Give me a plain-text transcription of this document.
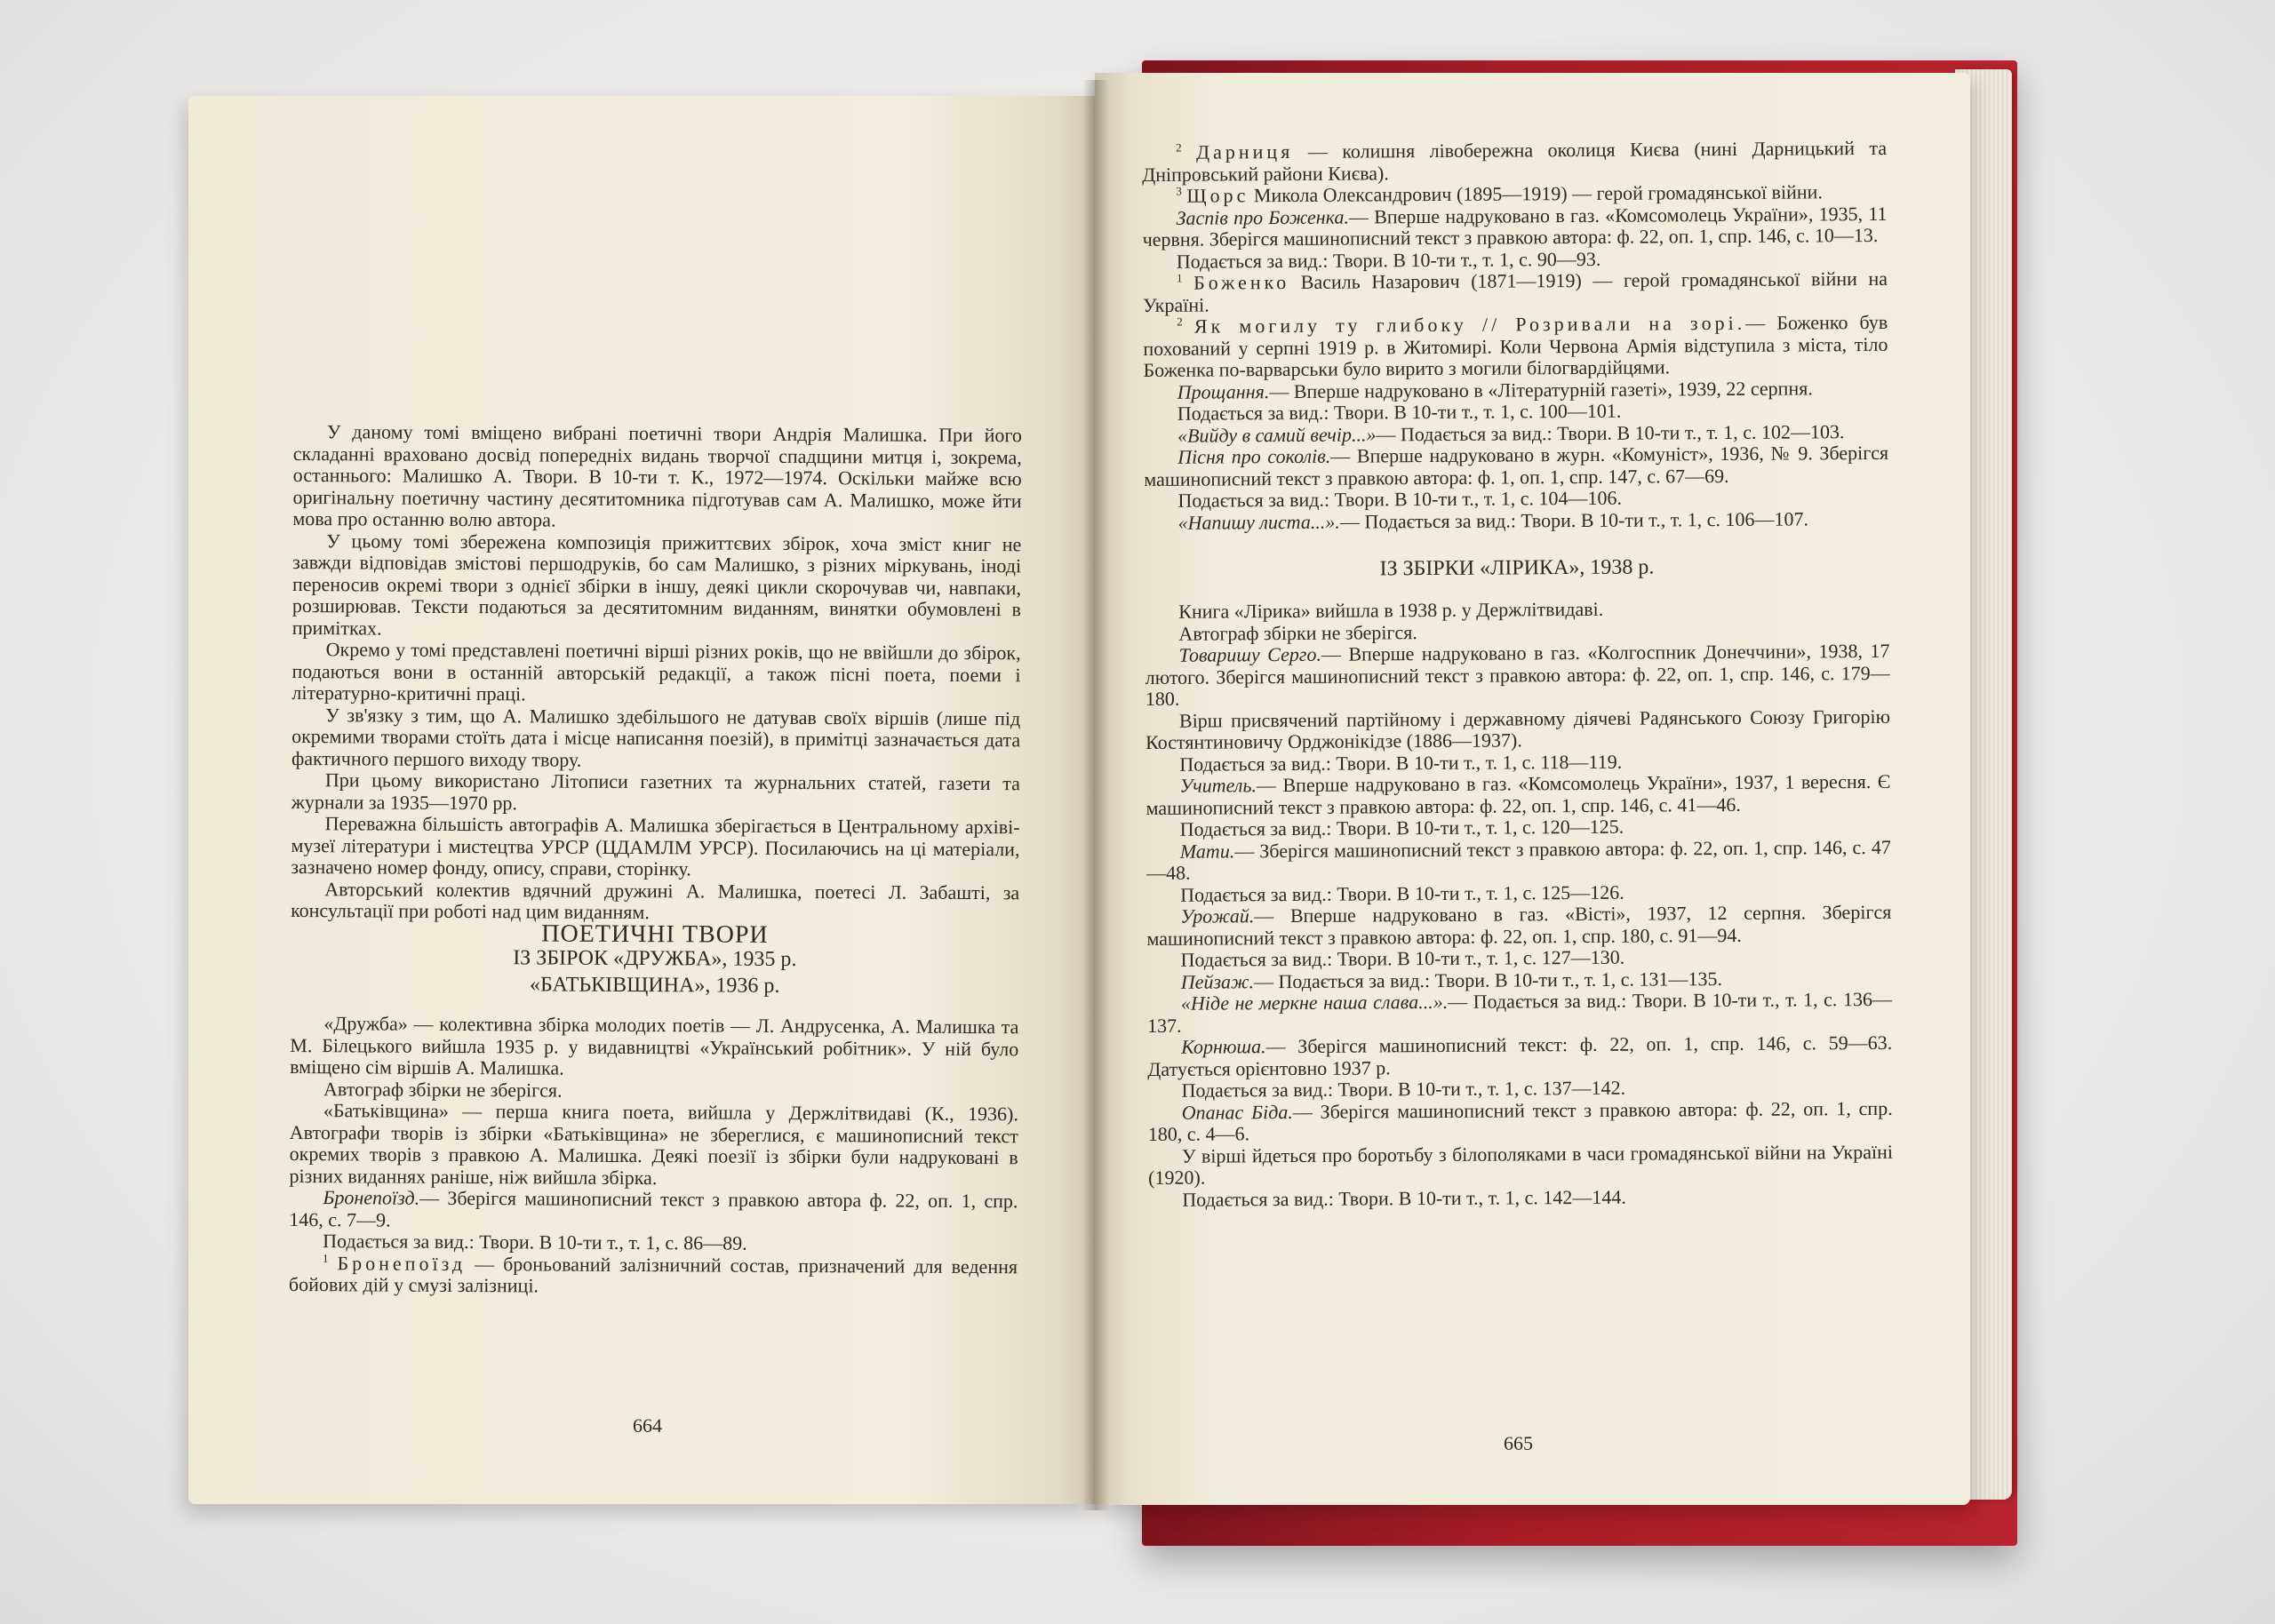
У даному томі вміщено вибрані поетичні твори Андрія Малишка. При його складанні враховано досвід попередніх видань творчої спадщини митця і, зокрема, останнього: Малишко А. Твори. В 10-ти т. К., 1972—1974. Оскільки майже всю оригінальну поетичну частину десятитомника підготував сам А. Малишко, може йти мова про останню волю автора.

У цьому томі збережена композиція прижиттєвих збірок, хоча зміст книг не завжди відповідав змістові першодруків, бо сам Малишко, з різних міркувань, іноді переносив окремі твори з однієї збірки в іншу, деякі цикли скорочував чи, навпаки, розширював. Тексти подаються за десятитомним виданням, винятки обумовлені в примітках.

Окремо у томі представлені поетичні вірші різних років, що не ввійшли до збірок, подаються вони в останній авторській редакції, а також пісні поета, поеми і літературно-критичні праці.

У зв'язку з тим, що А. Малишко здебільшого не датував своїх віршів (лише під окремими творами стоїть дата і місце написання поезій), в примітці зазначається дата фактичного першого виходу твору.

При цьому використано Літописи газетних та журнальних статей, газети та журнали за 1935—1970 рр.

Переважна більшість автографів А. Малишка зберігається в Центральному архіві-музеї літератури і мистецтва УРСР (ЦДАМЛМ УРСР). Посилаючись на ці матеріали, зазначено номер фонду, опису, справи, сторінку.

Авторський колектив вдячний дружині А. Малишка, поетесі Л. Забашті, за консультації при роботі над цим виданням.

ПОЕТИЧНІ ТВОРИ

ІЗ ЗБІРОК «ДРУЖБА», 1935 р.

«БАТЬКІВЩИНА», 1936 р.

«Дружба» — колективна збірка молодих поетів — Л. Андрусенка, А. Малишка та М. Білецького вийшла 1935 р. у видавництві «Український робітник». У ній було вміщено сім віршів А. Малишка.

Автограф збірки не зберігся.

«Батьківщина» — перша книга поета, вийшла у Держлітвидаві (К., 1936). Автографи творів із збірки «Батьківщина» не збереглися, є машинописний текст окремих творів з правкою А. Малишка. Деякі поезії із збірки були надруковані в різних виданнях раніше, ніж вийшла збірка.

Бронепоїзд.— Зберігся машинописний текст з правкою автора ф. 22, оп. 1, спр. 146, с. 7—9.

Подається за вид.: Твори. В 10-ти т., т. 1, с. 86—89.

$^1$ Бронепоїзд — броньований залізничний состав, призначений для ведення бойових дій у смузі залізниці.

664

$^2$ Дарниця — колишня лівобережна околиця Києва (нині Дарницький та Дніпровський райони Києва).

$^3$ Щорс Микола Олександрович (1895—1919) — герой громадянської війни.

Заспів про Боженка.— Вперше надруковано в газ. «Комсомолець України», 1935, 11 червня. Зберігся машинописний текст з правкою автора: ф. 22, оп. 1, спр. 146, с. 10—13.

Подається за вид.: Твори. В 10-ти т., т. 1, с. 90—93.

$^1$ Боженко Василь Назарович (1871—1919) — герой громадянської війни на Україні.

$^2$ Як могилу ту глибоку // Розривали на зорі.— Боженко був похований у серпні 1919 р. в Житомирі. Коли Червона Армія відступила з міста, тіло Боженка по-варварськи було вирито з могили білогвардійцями.

Прощання.— Вперше надруковано в «Літературній газеті», 1939, 22 серпня.

Подається за вид.: Твори. В 10-ти т., т. 1, с. 100—101.

«Вийду в самий вечір...»— Подається за вид.: Твори. В 10-ти т., т. 1, с. 102—103.

Пісня про соколів.— Вперше надруковано в журн. «Комуніст», 1936, № 9. Зберігся машинописний текст з правкою автора: ф. 1, оп. 1, спр. 147, с. 67—69.

Подається за вид.: Твори. В 10-ти т., т. 1, с. 104—106.

«Напишу листа...».— Подається за вид.: Твори. В 10-ти т., т. 1, с. 106—107.

ІЗ ЗБІРКИ «ЛІРИКА», 1938 р.

Книга «Лірика» вийшла в 1938 р. у Держлітвидаві.

Автограф збірки не зберігся.

Товаришу Серго.— Вперше надруковано в газ. «Колгоспник Донеччини», 1938, 17 лютого. Зберігся машинописний текст з правкою автора: ф. 22, оп. 1, спр. 146, с. 179—180.

Вірш присвячений партійному і державному діячеві Радянського Союзу Григорію Костянтиновичу Орджонікідзе (1886—1937).

Подається за вид.: Твори. В 10-ти т., т. 1, с. 118—119.

Учитель.— Вперше надруковано в газ. «Комсомолець України», 1937, 1 вересня. Є машинописний текст з правкою автора: ф. 22, оп. 1, спр. 146, с. 41—46.

Подається за вид.: Твори. В 10-ти т., т. 1, с. 120—125.

Мати.— Зберігся машинописний текст з правкою автора: ф. 22, оп. 1, спр. 146, с. 47—48.

Подається за вид.: Твори. В 10-ти т., т. 1, с. 125—126.

Урожай.— Вперше надруковано в газ. «Вісті», 1937, 12 серпня. Зберігся машинописний текст з правкою автора: ф. 22, оп. 1, спр. 180, с. 91—94.

Подається за вид.: Твори. В 10-ти т., т. 1, с. 127—130.

Пейзаж.— Подається за вид.: Твори. В 10-ти т., т. 1, с. 131—135.

«Ніде не меркне наша слава...».— Подається за вид.: Твори. В 10-ти т., т. 1, с. 136—137.

Корнюша.— Зберігся машинописний текст: ф. 22, оп. 1, спр. 146, с. 59—63. Датується орієнтовно 1937 р.

Подається за вид.: Твори. В 10-ти т., т. 1, с. 137—142.

Опанас Біда.— Зберігся машинописний текст з правкою автора: ф. 22, оп. 1, спр. 180, с. 4—6.

У вірші йдеться про боротьбу з білополяками в часи громадянської війни на Україні (1920).

Подається за вид.: Твори. В 10-ти т., т. 1, с. 142—144.

665
